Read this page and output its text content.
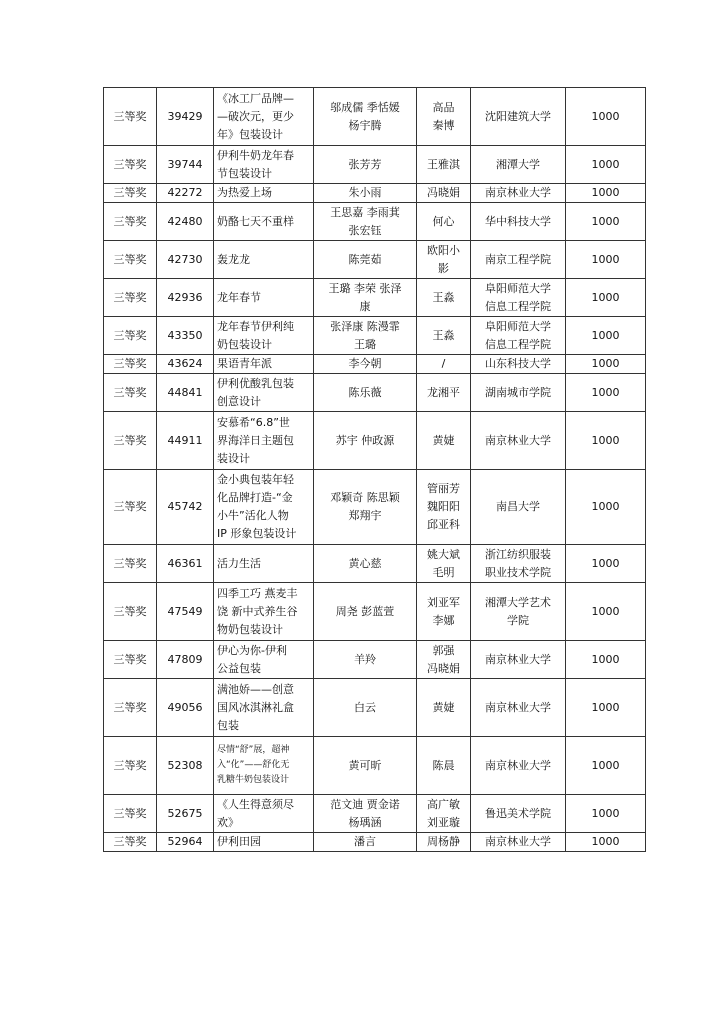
三等奖	39429	《冰工厂品牌—
—破次元，更少
年》包装设计	邬成儒 季恬媛
杨宇腾	高品
秦博	沈阳建筑大学	1000
三等奖	39744	伊利牛奶龙年春
节包装设计	张芳芳	王雅淇	湘潭大学	1000
三等奖	42272	为热爱上场	朱小雨	冯晓娟	南京林业大学	1000
三等奖	42480	奶酪七天不重样	王思嘉 李雨萁
张宏钰	何心	华中科技大学	1000
三等奖	42730	轰龙龙	陈莞茹	欧阳小
影	南京工程学院	1000
三等奖	42936	龙年春节	王璐 李荣 张泽
康	王淼	阜阳师范大学
信息工程学院	1000
三等奖	43350	龙年春节伊利纯
奶包装设计	张泽康 陈漫霏
王璐	王淼	阜阳师范大学
信息工程学院	1000
三等奖	43624	果语青年派	李今朝	/	山东科技大学	1000
三等奖	44841	伊利优酸乳包装
创意设计	陈乐薇	龙湘平	湖南城市学院	1000
三等奖	44911	安慕希“6.8”世
界海洋日主题包
装设计	苏宇 仲政源	黄婕	南京林业大学	1000
三等奖	45742	金小典包装年轻
化品牌打造-“金
小牛”活化人物
IP 形象包装设计	邓颖奇 陈思颖
郑翔宇	管丽芳
魏阳阳
邱亚科	南昌大学	1000
三等奖	46361	活力生活	黄心慈	姚大斌
毛明	浙江纺织服装
职业技术学院	1000
三等奖	47549	四季工巧 燕麦丰
饶 新中式养生谷
物奶包装设计	周尧 彭蓝萱	刘亚军
李娜	湘潭大学艺术
学院	1000
三等奖	47809	伊心为你-伊利
公益包装	羊羚	郭强
冯晓娟	南京林业大学	1000
三等奖	49056	满池娇——创意
国风冰淇淋礼盒
包装	白云	黄婕	南京林业大学	1000
三等奖	52308	尽情“舒”展，超神
入“化”——舒化无
乳糖牛奶包装设计	黄可昕	陈晨	南京林业大学	1000
三等奖	52675	《人生得意须尽
欢》	范文迪 贾金诺
杨瑀涵	高广敏
刘亚璇	鲁迅美术学院	1000
三等奖	52964	伊利田园	潘言	周杨静	南京林业大学	1000
